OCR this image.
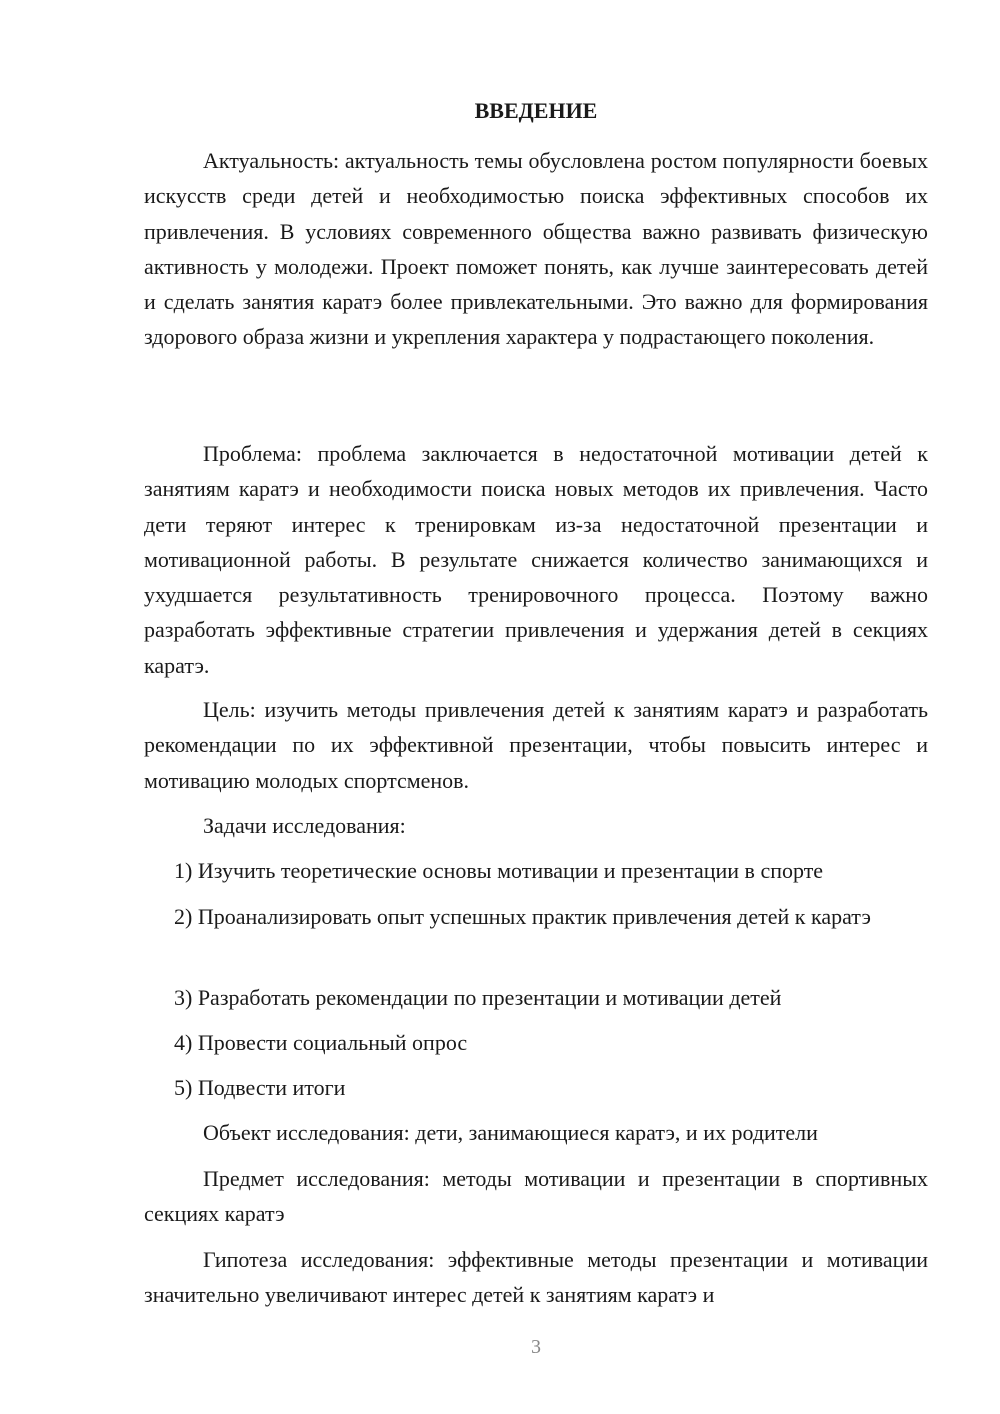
ВВЕДЕНИЕ

Актуальность: актуальность темы обусловлена ростом популярности боевых искусств среди детей и необходимостью поиска эффективных способов их привлечения. В условиях современного общества важно развивать физическую активность у молодежи. Проект поможет понять, как лучше заинтересовать детей и сделать занятия каратэ более привлекательными. Это важно для формирования здорового образа жизни и укрепления характера у подрастающего поколения.

Проблема: проблема заключается в недостаточной мотивации детей к занятиям каратэ и необходимости поиска новых методов их привлечения. Часто дети теряют интерес к тренировкам из-за недостаточной презентации и мотивационной работы. В результате снижается количество занимающихся и ухудшается результативность тренировочного процесса. Поэтому важно разработать эффективные стратегии привлечения и удержания детей в секциях каратэ.

Цель: изучить методы привлечения детей к занятиям каратэ и разработать рекомендации по их эффективной презентации, чтобы повысить интерес и мотивацию молодых спортсменов.

Задачи исследования:

1) Изучить теоретические основы мотивации и презентации в спорте

2) Проанализировать опыт успешных практик привлечения детей к каратэ

3) Разработать рекомендации по презентации и мотивации детей

4) Провести социальный опрос

5) Подвести итоги

Объект исследования: дети, занимающиеся каратэ, и их родители

Предмет исследования: методы мотивации и презентации в спортивных секциях каратэ

Гипотеза исследования: эффективные методы презентации и мотивации значительно увеличивают интерес детей к занятиям каратэ и

3
